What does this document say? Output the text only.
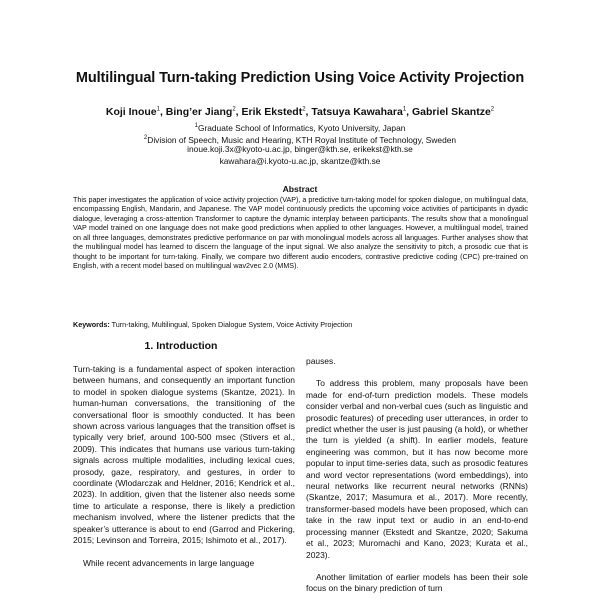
Multilingual Turn-taking Prediction Using Voice Activity Projection
Koji Inoue$^1$, Bing’er Jiang$^2$, Erik Ekstedt$^2$, Tatsuya Kawahara$^1$, Gabriel Skantze$^2$
$^1$Graduate School of Informatics, Kyoto University, Japan
$^2$Division of Speech, Music and Hearing, KTH Royal Institute of Technology, Sweden
inoue.koji.3x@kyoto-u.ac.jp, binger@kth.se, erikekst@kth.se
kawahara@i.kyoto-u.ac.jp, skantze@kth.se
Abstract
This paper investigates the application of voice activity projection (VAP), a predictive turn-taking model for spoken dialogue, on multilingual data, encompassing English, Mandarin, and Japanese. The VAP model continuously predicts the upcoming voice activities of participants in dyadic dialogue, leveraging a cross-attention Transformer to capture the dynamic interplay between participants. The results show that a monolingual VAP model trained on one language does not make good predictions when applied to other languages. However, a multilingual model, trained on all three languages, demonstrates predictive performance on par with monolingual models across all languages. Further analyses show that the multilingual model has learned to discern the language of the input signal. We also analyze the sensitivity to pitch, a prosodic cue that is thought to be important for turn-taking. Finally, we compare two different audio encoders, contrastive predictive coding (CPC) pre-trained on English, with a recent model based on multilingual wav2vec 2.0 (MMS).
Keywords: Turn-taking, Multilingual, Spoken Dialogue System, Voice Activity Projection
1. Introduction

Turn-taking is a fundamental aspect of spoken interaction between humans, and consequently an important function to model in spoken dialogue systems (Skantze, 2021). In human-human conversations, the transitioning of the conversational floor is smoothly conducted. It has been shown across various languages that the transition offset is typically very brief, around 100-500 msec (Stivers et al., 2009). This indicates that humans use various turn-taking signals across multiple modalities, including lexical cues, prosody, gaze, respiratory, and gestures, in order to coordinate (Wlodarczak and Heldner, 2016; Kendrick et al., 2023). In addition, given that the listener also needs some time to articulate a response, there is likely a prediction mechanism involved, where the listener predicts that the speaker’s utterance is about to end (Garrod and Pickering, 2015; Levinson and Torreira, 2015; Ishimoto et al., 2017).

While recent advancements in large language

pauses.

To address this problem, many proposals have been made for end-of-turn prediction models. These models consider verbal and non-verbal cues (such as linguistic and prosodic features) of preceding user utterances, in order to predict whether the user is just pausing (a hold), or whether the turn is yielded (a shift). In earlier models, feature engineering was common, but it has now become more popular to input time-series data, such as prosodic features and word vector representations (word embeddings), into neural networks like recurrent neural networks (RNNs) (Skantze, 2017; Masumura et al., 2017). More recently, transformer-based models have been proposed, which can take in the raw input text or audio in an end-to-end processing manner (Ekstedt and Skantze, 2020; Sakuma et al., 2023; Muromachi and Kano, 2023; Kurata et al., 2023).

Another limitation of earlier models has been their sole focus on the binary prediction of turn
